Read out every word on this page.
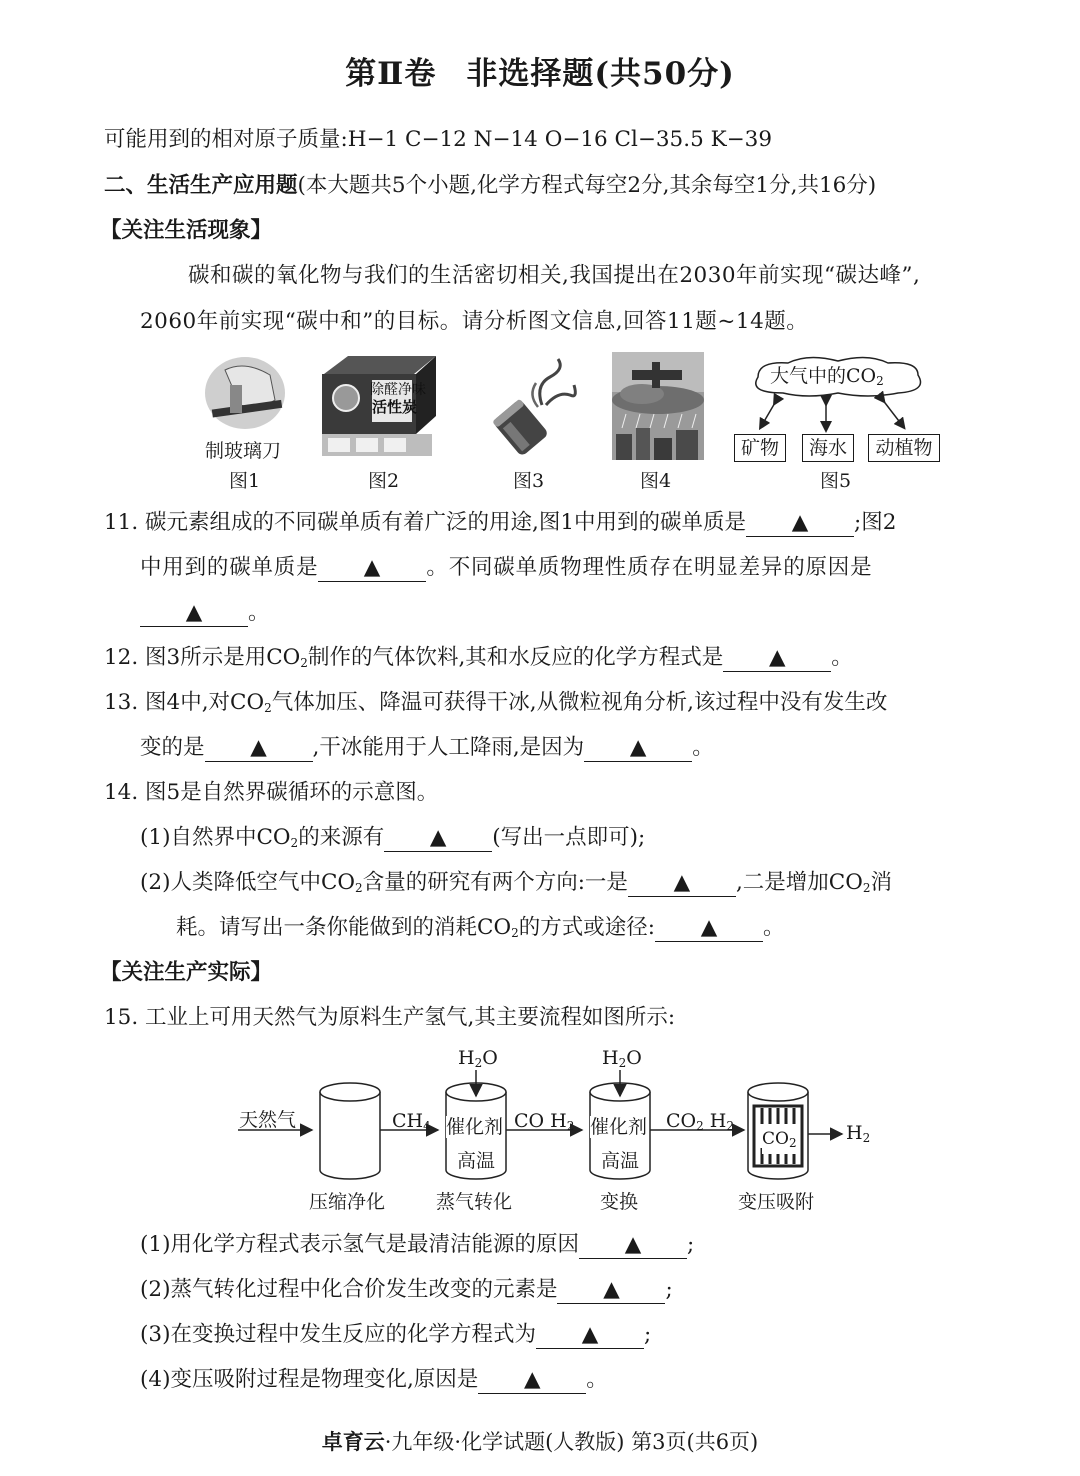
第Ⅱ卷 非选择题(共50分)
可能用到的相对原子质量:H−1 C−12 N−14 O−16 Cl−35.5 K−39
二、生活生产应用题(本大题共5个小题,化学方程式每空2分,其余每空1分,共16分)
【关注生活现象】
碳和碳的氧化物与我们的生活密切相关,我国提出在2030年前实现“碳达峰”,
2060年前实现“碳中和”的目标。请分析图文信息,回答11题~14题。
制玻璃刀
图1
除醛净味
活性炭
图2	图3	图4
大气中的$CO_2$
矿物	海水	动植物
图5
11. 碳元素组成的不同碳单质有着广泛的用途,图1中用到的碳单质是 ▲ ;图2
中用到的碳单质是 ▲ 。不同碳单质物理性质存在明显差异的原因是
▲ 。
12. 图3所示是用$CO_2$制作的气体饮料,其和水反应的化学方程式是 ▲ 。
13. 图4中,对$CO_2$气体加压、降温可获得干冰,从微粒视角分析,该过程中没有发生改
变的是 ▲ ,干冰能用于人工降雨,是因为 ▲ 。
14. 图5是自然界碳循环的示意图。
(1)自然界中$CO_2$的来源有 ▲ (写出一点即可);
(2)人类降低空气中$CO_2$含量的研究有两个方向:一是 ▲ ,二是增加$CO_2$消
耗。请写出一条你能做到的消耗$CO_2$的方式或途径: ▲ 。
【关注生产实际】
15. 工业上可用天然气为原料生产氢气,其主要流程如图所示:
天然气	$CH_4$
$H_2O$	$H_2O$
催化剂
高温
CO $H_2$ 催化剂
高温
$CO_2$ $H_2$
$CO_2$	$H_2$
压缩净化	蒸气转化	变换	变压吸附
(1)用化学方程式表示氢气是最清洁能源的原因 ▲ ;
(2)蒸气转化过程中化合价发生改变的元素是 ▲ ;
(3)在变换过程中发生反应的化学方程式为 ▲ ;
(4)变压吸附过程是物理变化,原因是 ▲ 。
卓育云·九年级·化学试题(人教版) 第3页(共6页)
